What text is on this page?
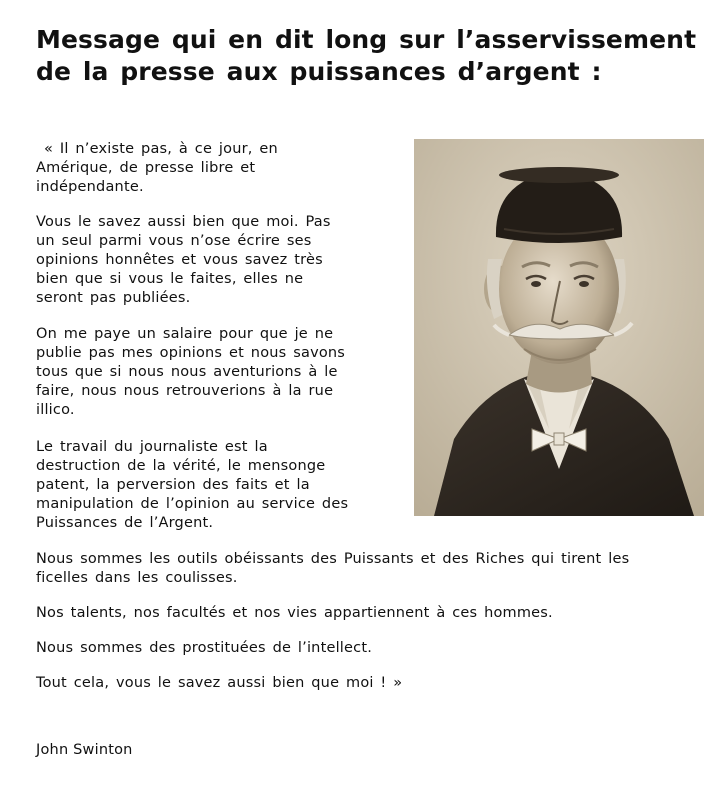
Message qui en dit long sur l’asservissement
de la presse aux puissances d’argent :

« Il n’existe pas, à ce jour, en
Amérique, de presse libre et
indépendante.

Vous le savez aussi bien que moi. Pas
un seul parmi vous n’ose écrire ses
opinions honnêtes et vous savez très
bien que si vous le faites, elles ne
seront pas publiées.

On me paye un salaire pour que je ne
publie pas mes opinions et nous savons
tous que si nous nous aventurions à le
faire, nous nous retrouverions à la rue
illico.

Le travail du journaliste est la
destruction de la vérité, le mensonge
patent, la perversion des faits et la
manipulation de l’opinion au service des
Puissances de l’Argent.

Nous sommes les outils obéissants des Puissants et des Riches qui tirent les
ficelles dans les coulisses.

Nos talents, nos facultés et nos vies appartiennent à ces hommes.

Nous sommes des prostituées de l’intellect.

Tout cela, vous le savez aussi bien que moi ! »

John Swinton
